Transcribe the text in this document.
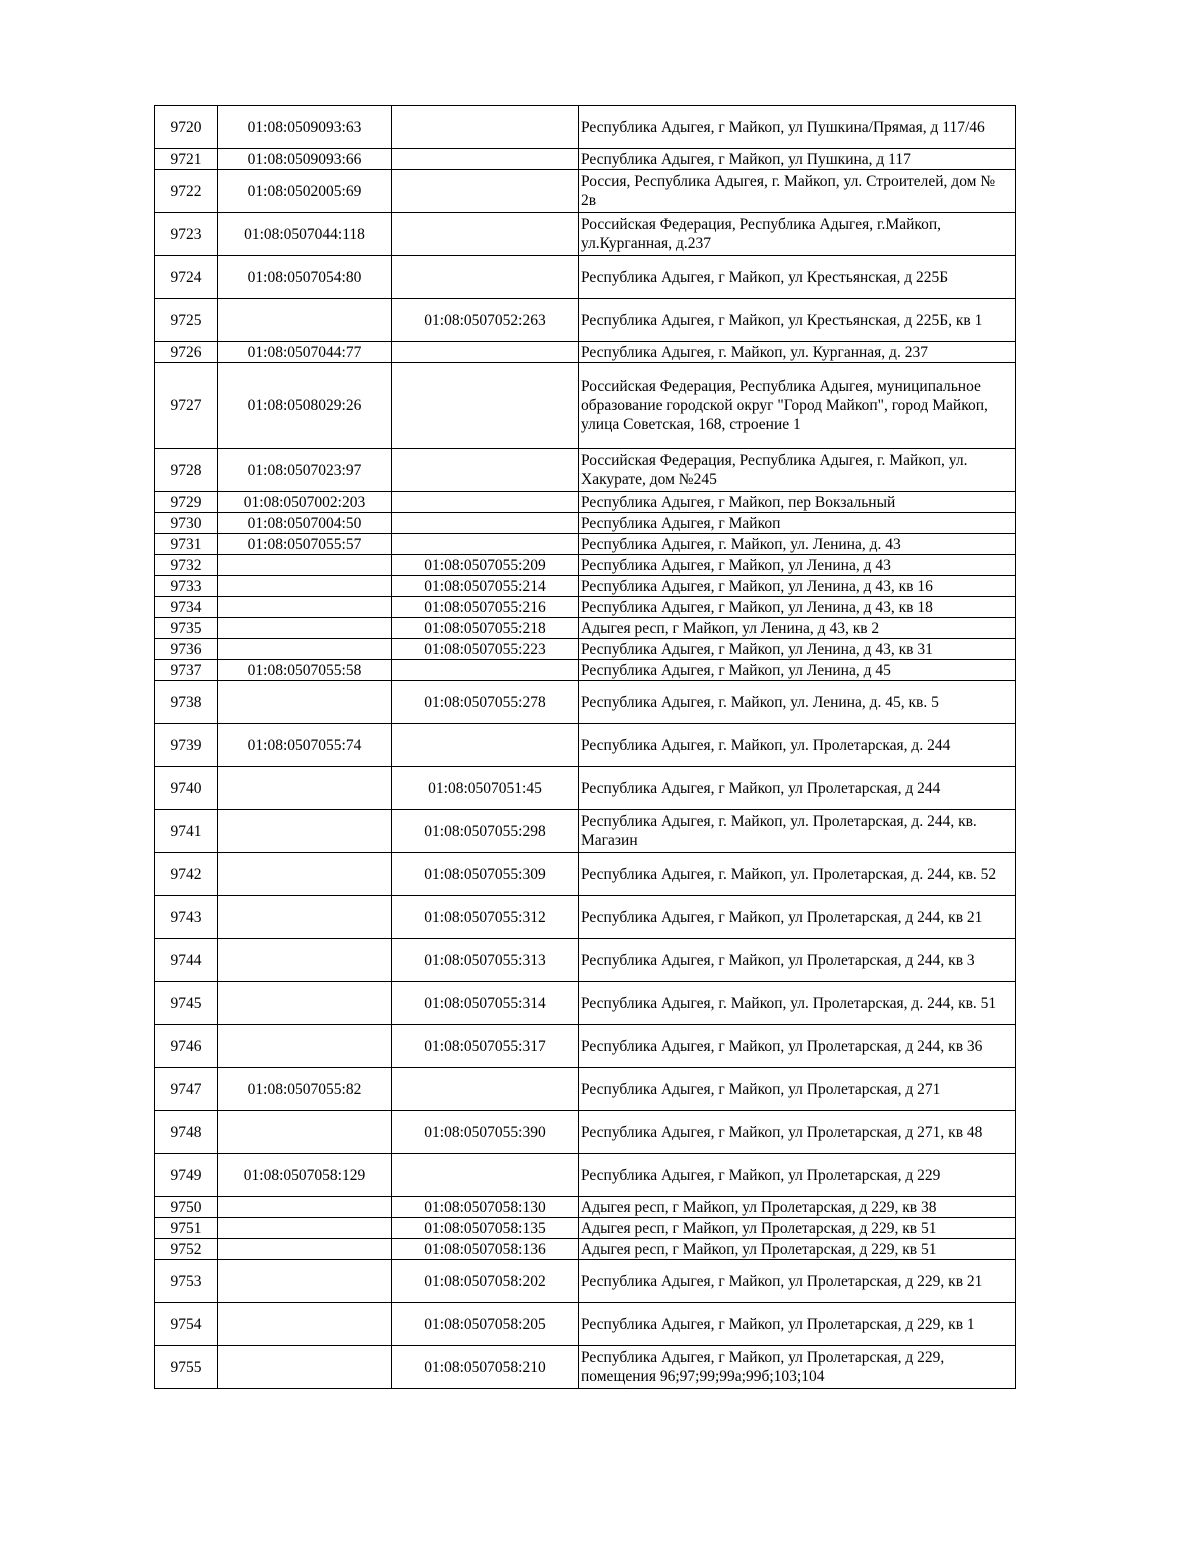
9720	01:08:0509093:63		Республика Адыгея, г Майкоп, ул Пушкина/Прямая, д 117/46
9721	01:08:0509093:66		Республика Адыгея, г Майкоп, ул Пушкина, д 117
9722	01:08:0502005:69		Россия, Республика Адыгея, г. Майкоп, ул. Строителей, дом № 2в
9723	01:08:0507044:118		Российская Федерация, Республика Адыгея, г.Майкоп, ул.Курганная, д.237
9724	01:08:0507054:80		Республика Адыгея, г Майкоп, ул Крестьянская, д 225Б
9725		01:08:0507052:263	Республика Адыгея, г Майкоп, ул Крестьянская, д 225Б, кв 1
9726	01:08:0507044:77		Республика Адыгея, г. Майкоп, ул. Курганная, д. 237
9727	01:08:0508029:26		Российская Федерация, Республика Адыгея, муниципальное образование городской округ "Город Майкоп", город Майкоп, улица Советская, 168, строение 1
9728	01:08:0507023:97		Российская Федерация, Республика Адыгея, г. Майкоп, ул. Хакурате, дом №245
9729	01:08:0507002:203		Республика Адыгея, г Майкоп, пер Вокзальный
9730	01:08:0507004:50		Республика Адыгея, г Майкоп
9731	01:08:0507055:57		Республика Адыгея, г. Майкоп, ул. Ленина, д. 43
9732		01:08:0507055:209	Республика Адыгея, г Майкоп, ул Ленина, д 43
9733		01:08:0507055:214	Республика Адыгея, г Майкоп, ул Ленина, д 43, кв 16
9734		01:08:0507055:216	Республика Адыгея, г Майкоп, ул Ленина, д 43, кв 18
9735		01:08:0507055:218	Адыгея респ, г Майкоп, ул Ленина, д 43, кв 2
9736		01:08:0507055:223	Республика Адыгея, г Майкоп, ул Ленина, д 43, кв 31
9737	01:08:0507055:58		Республика Адыгея, г Майкоп, ул Ленина, д 45
9738		01:08:0507055:278	Республика Адыгея, г. Майкоп, ул. Ленина, д. 45, кв. 5
9739	01:08:0507055:74		Республика Адыгея, г. Майкоп, ул. Пролетарская, д. 244
9740		01:08:0507051:45	Республика Адыгея, г Майкоп, ул Пролетарская, д 244
9741		01:08:0507055:298	Республика Адыгея, г. Майкоп, ул. Пролетарская, д. 244, кв. Магазин
9742		01:08:0507055:309	Республика Адыгея, г. Майкоп, ул. Пролетарская, д. 244, кв. 52
9743		01:08:0507055:312	Республика Адыгея, г Майкоп, ул Пролетарская, д 244, кв 21
9744		01:08:0507055:313	Республика Адыгея, г Майкоп, ул Пролетарская, д 244, кв 3
9745		01:08:0507055:314	Республика Адыгея, г. Майкоп, ул. Пролетарская, д. 244, кв. 51
9746		01:08:0507055:317	Республика Адыгея, г Майкоп, ул Пролетарская, д 244, кв 36
9747	01:08:0507055:82		Республика Адыгея, г Майкоп, ул Пролетарская, д 271
9748		01:08:0507055:390	Республика Адыгея, г Майкоп, ул Пролетарская, д 271, кв 48
9749	01:08:0507058:129		Республика Адыгея, г Майкоп, ул Пролетарская, д 229
9750		01:08:0507058:130	Адыгея респ, г Майкоп, ул Пролетарская, д 229, кв 38
9751		01:08:0507058:135	Адыгея респ, г Майкоп, ул Пролетарская, д 229, кв 51
9752		01:08:0507058:136	Адыгея респ, г Майкоп, ул Пролетарская, д 229, кв 51
9753		01:08:0507058:202	Республика Адыгея, г Майкоп, ул Пролетарская, д 229, кв 21
9754		01:08:0507058:205	Республика Адыгея, г Майкоп, ул Пролетарская, д 229, кв 1
9755		01:08:0507058:210	Республика Адыгея, г Майкоп, ул Пролетарская, д 229, помещения 96;97;99;99а;99б;103;104
